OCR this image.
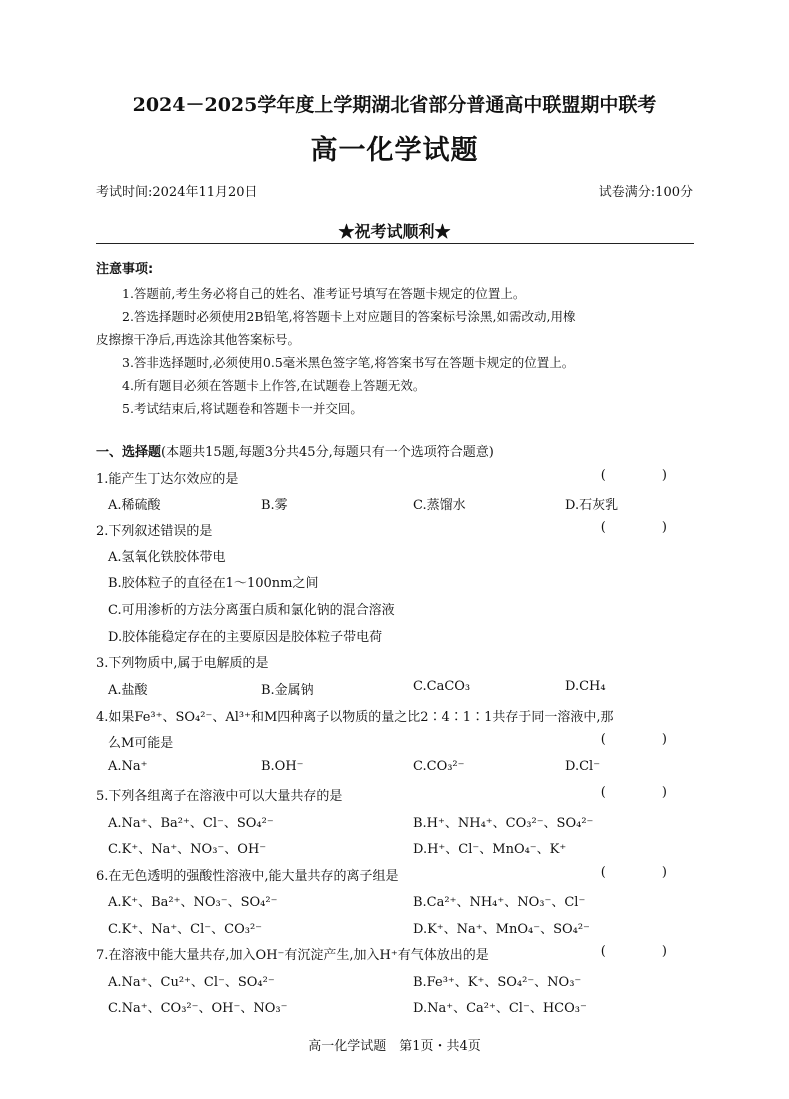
2024－2025学年度上学期湖北省部分普通高中联盟期中联考
高一化学试题
考试时间:2024年11月20日	试卷满分:100分
★祝考试顺利★
注意事项:
1.答题前,考生务必将自己的姓名、准考证号填写在答题卡规定的位置上。
2.答选择题时必须使用2B铅笔,将答题卡上对应题目的答案标号涂黑,如需改动,用橡
皮擦擦干净后,再选涂其他答案标号。
3.答非选择题时,必须使用0.5毫米黑色签字笔,将答案书写在答题卡规定的位置上。
4.所有题目必须在答题卡上作答,在试题卷上答题无效。
5.考试结束后,将试题卷和答题卡一并交回。
一、选择题(本题共15题,每题3分共45分,每题只有一个选项符合题意)
1.能产生丁达尔效应的是	( )
A.稀硫酸	B.雾	C.蒸馏水	D.石灰乳
2.下列叙述错误的是	( )
A.氢氧化铁胶体带电
B.胶体粒子的直径在1～100nm之间
C.可用渗析的方法分离蛋白质和氯化钠的混合溶液
D.胶体能稳定存在的主要原因是胶体粒子带电荷
3.下列物质中,属于电解质的是
A.盐酸	B.金属钠	C.CaCO₃	D.CH₄
4.如果Fe³⁺、SO₄²⁻、Al³⁺和M四种离子以物质的量之比2∶4∶1∶1共存于同一溶液中,那
么M可能是	( )
A.Na⁺	B.OH⁻	C.CO₃²⁻	D.Cl⁻
5.下列各组离子在溶液中可以大量共存的是	( )
A.Na⁺、Ba²⁺、Cl⁻、SO₄²⁻	B.H⁺、NH₄⁺、CO₃²⁻、SO₄²⁻
C.K⁺、Na⁺、NO₃⁻、OH⁻	D.H⁺、Cl⁻、MnO₄⁻、K⁺
6.在无色透明的强酸性溶液中,能大量共存的离子组是	( )
A.K⁺、Ba²⁺、NO₃⁻、SO₄²⁻	B.Ca²⁺、NH₄⁺、NO₃⁻、Cl⁻
C.K⁺、Na⁺、Cl⁻、CO₃²⁻	D.K⁺、Na⁺、MnO₄⁻、SO₄²⁻
7.在溶液中能大量共存,加入OH⁻有沉淀产生,加入H⁺有气体放出的是	( )
A.Na⁺、Cu²⁺、Cl⁻、SO₄²⁻	B.Fe³⁺、K⁺、SO₄²⁻、NO₃⁻
C.Na⁺、CO₃²⁻、OH⁻、NO₃⁻	D.Na⁺、Ca²⁺、Cl⁻、HCO₃⁻
高一化学试题　第1页・共4页
